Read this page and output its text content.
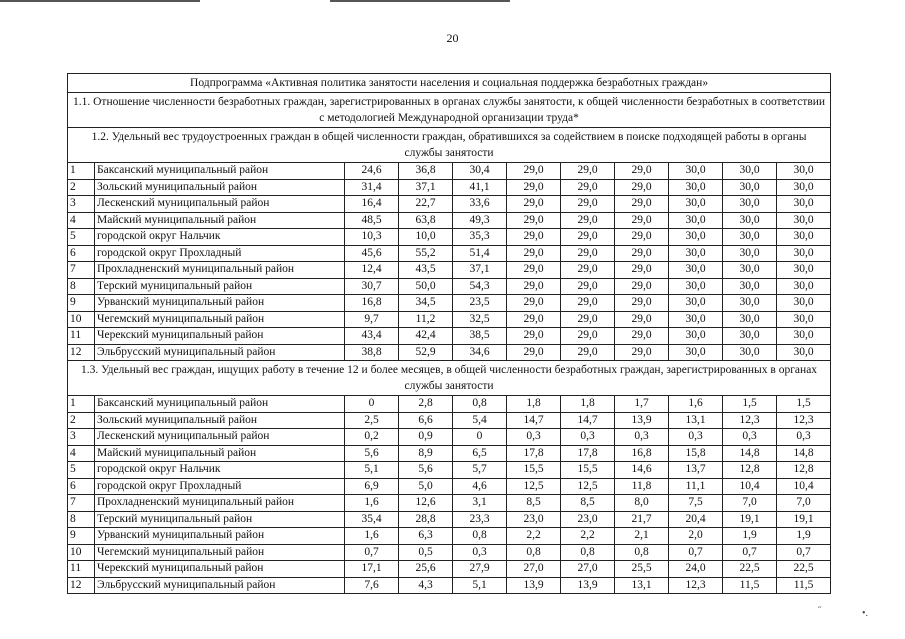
20
Подпрограмма «Активная политика занятости населения и социальная поддержка безработных граждан»										
1.1. Отношение численности безработных граждан, зарегистрированных в органах службы занятости, к общей численности безработных в соответствии с методологией Международной организации труда*										
1.2. Удельный вес трудоустроенных граждан в общей численности граждан, обратившихся за содействием в поиске подходящей работы в органы службы занятости										
1	Баксанский муниципальный район	24,6	36,8	30,4	29,0	29,0	29,0	30,0	30,0	30,0
2	Зольский муниципальный район	31,4	37,1	41,1	29,0	29,0	29,0	30,0	30,0	30,0
3	Лескенский муниципальный район	16,4	22,7	33,6	29,0	29,0	29,0	30,0	30,0	30,0
4	Майский муниципальный район	48,5	63,8	49,3	29,0	29,0	29,0	30,0	30,0	30,0
5	городской округ Нальчик	10,3	10,0	35,3	29,0	29,0	29,0	30,0	30,0	30,0
6	городской округ Прохладный	45,6	55,2	51,4	29,0	29,0	29,0	30,0	30,0	30,0
7	Прохладненский муниципальный район	12,4	43,5	37,1	29,0	29,0	29,0	30,0	30,0	30,0
8	Терский муниципальный район	30,7	50,0	54,3	29,0	29,0	29,0	30,0	30,0	30,0
9	Урванский муниципальный район	16,8	34,5	23,5	29,0	29,0	29,0	30,0	30,0	30,0
10	Чегемский муниципальный район	9,7	11,2	32,5	29,0	29,0	29,0	30,0	30,0	30,0
11	Черекский муниципальный район	43,4	42,4	38,5	29,0	29,0	29,0	30,0	30,0	30,0
12	Эльбрусский муниципальный район	38,8	52,9	34,6	29,0	29,0	29,0	30,0	30,0	30,0
1.3. Удельный вес граждан, ищущих работу в течение 12 и более месяцев, в общей численности безработных граждан, зарегистрированных в органах службы занятости										
1	Баксанский муниципальный район	0	2,8	0,8	1,8	1,8	1,7	1,6	1,5	1,5
2	Зольский муниципальный район	2,5	6,6	5,4	14,7	14,7	13,9	13,1	12,3	12,3
3	Лескенский муниципальный район	0,2	0,9	0	0,3	0,3	0,3	0,3	0,3	0,3
4	Майский муниципальный район	5,6	8,9	6,5	17,8	17,8	16,8	15,8	14,8	14,8
5	городской округ Нальчик	5,1	5,6	5,7	15,5	15,5	14,6	13,7	12,8	12,8
6	городской округ Прохладный	6,9	5,0	4,6	12,5	12,5	11,8	11,1	10,4	10,4
7	Прохладненский муниципальный район	1,6	12,6	3,1	8,5	8,5	8,0	7,5	7,0	7,0
8	Терский муниципальный район	35,4	28,8	23,3	23,0	23,0	21,7	20,4	19,1	19,1
9	Урванский муниципальный район	1,6	6,3	0,8	2,2	2,2	2,1	2,0	1,9	1,9
10	Чегемский муниципальный район	0,7	0,5	0,3	0,8	0,8	0,8	0,7	0,7	0,7
11	Черекский муниципальный район	17,1	25,6	27,9	27,0	27,0	25,5	24,0	22,5	22,5
12	Эльбрусский муниципальный район	7,6	4,3	5,1	13,9	13,9	13,1	12,3	11,5	11,5
˝	•.
